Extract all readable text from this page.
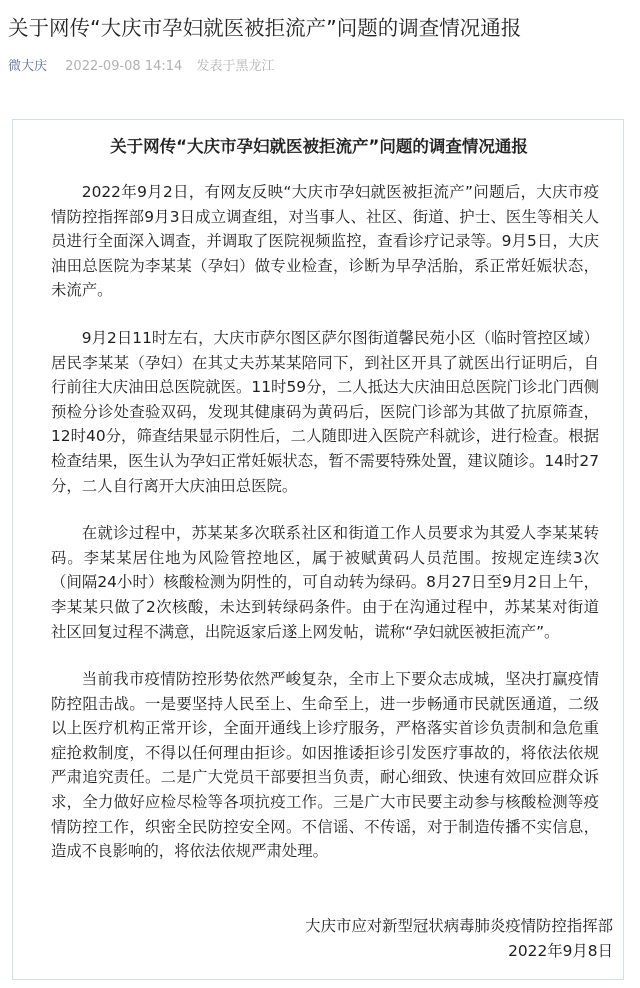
关于网传“大庆市孕妇就医被拒流产”问题的调查情况通报
微大庆 2022-09-08 14:14 发表于黑龙江
关于网传“大庆市孕妇就医被拒流产”问题的调查情况通报

2022年9月2日，有网友反映“大庆市孕妇就医被拒流产”问题后，大庆市疫情防控指挥部9月3日成立调查组，对当事人、社区、街道、护士、医生等相关人员进行全面深入调查，并调取了医院视频监控，查看诊疗记录等。9月5日，大庆油田总医院为李某某（孕妇）做专业检查，诊断为早孕活胎，系正常妊娠状态，未流产。

9月2日11时左右，大庆市萨尔图区萨尔图街道馨民苑小区（临时管控区域）居民李某某（孕妇）在其丈夫苏某某陪同下，到社区开具了就医出行证明后，自行前往大庆油田总医院就医。11时59分，二人抵达大庆油田总医院门诊北门西侧预检分诊处查验双码，发现其健康码为黄码后，医院门诊部为其做了抗原筛查，12时40分，筛查结果显示阴性后，二人随即进入医院产科就诊，进行检查。根据检查结果，医生认为孕妇正常妊娠状态，暂不需要特殊处置，建议随诊。14时27分，二人自行离开大庆油田总医院。

在就诊过程中，苏某某多次联系社区和街道工作人员要求为其爱人李某某转码。李某某居住地为风险管控地区，属于被赋黄码人员范围。按规定连续3次（间隔24小时）核酸检测为阴性的，可自动转为绿码。8月27日至9月2日上午，李某某只做了2次核酸，未达到转绿码条件。由于在沟通过程中，苏某某对街道社区回复过程不满意，出院返家后遂上网发帖，谎称“孕妇就医被拒流产”。

当前我市疫情防控形势依然严峻复杂，全市上下要众志成城，坚决打赢疫情防控阻击战。一是要坚持人民至上、生命至上，进一步畅通市民就医通道，二级以上医疗机构正常开诊，全面开通线上诊疗服务，严格落实首诊负责制和急危重症抢救制度，不得以任何理由拒诊。如因推诿拒诊引发医疗事故的，将依法依规严肃追究责任。二是广大党员干部要担当负责，耐心细致、快速有效回应群众诉求，全力做好应检尽检等各项抗疫工作。三是广大市民要主动参与核酸检测等疫情防控工作，织密全民防控安全网。不信谣、不传谣，对于制造传播不实信息，造成不良影响的，将依法依规严肃处理。

大庆市应对新型冠状病毒肺炎疫情防控指挥部
2022年9月8日
